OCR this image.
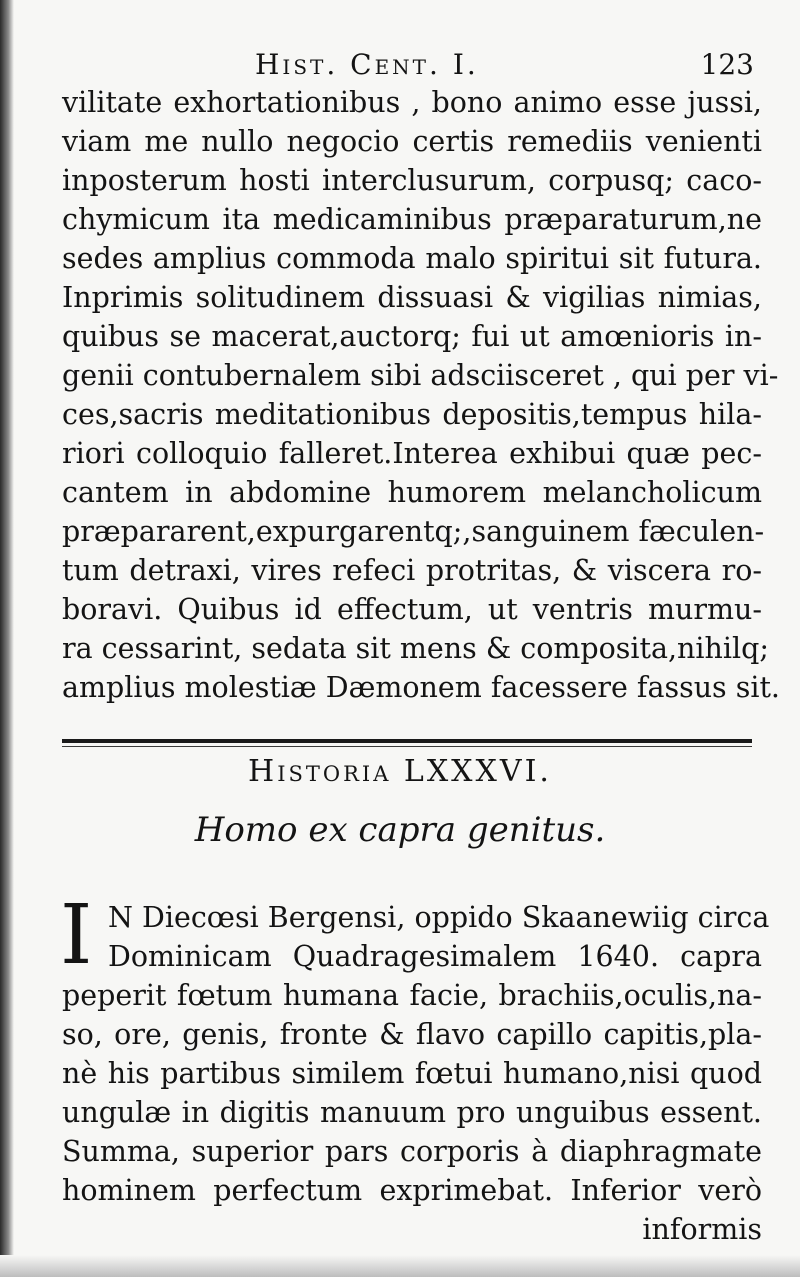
Hist. Cent. I.	123
vilitate exhortationibus , bono animo esse jussi,
viam me nullo negocio certis remediis venienti
inposterum hosti interclusurum, corpusq; caco-
chymicum ita medicaminibus præparaturum,ne
sedes amplius commoda malo spiritui sit futura.
Inprimis solitudinem dissuasi & vigilias nimias,
quibus se macerat,auctorq; fui ut amœnioris in-
genii contubernalem sibi adsciisceret , qui per vi-
ces,sacris meditationibus depositis,tempus hila-
riori colloquio falleret.Interea exhibui quæ pec-
cantem in abdomine humorem melancholicum
præpararent,expurgarentq;,sanguinem fæculen-
tum detraxi, vires refeci protritas, & viscera ro-
boravi. Quibus id effectum, ut ventris murmu-
ra cessarint, sedata sit mens & composita,nihilq;
amplius molestiæ Dæmonem facessere fassus sit.
Historia LXXXVI.
Homo ex capra genitus.
I N Diecœsi Bergensi, oppido Skaanewiig circa
Dominicam Quadragesimalem 1640. capra
peperit fœtum humana facie, brachiis,oculis,na-
so, ore, genis, fronte & flavo capillo capitis,pla-
nè his partibus similem fœtui humano,nisi quod
ungulæ in digitis manuum pro unguibus essent.
Summa, superior pars corporis à diaphragmate
hominem perfectum exprimebat. Inferior verò
informis
